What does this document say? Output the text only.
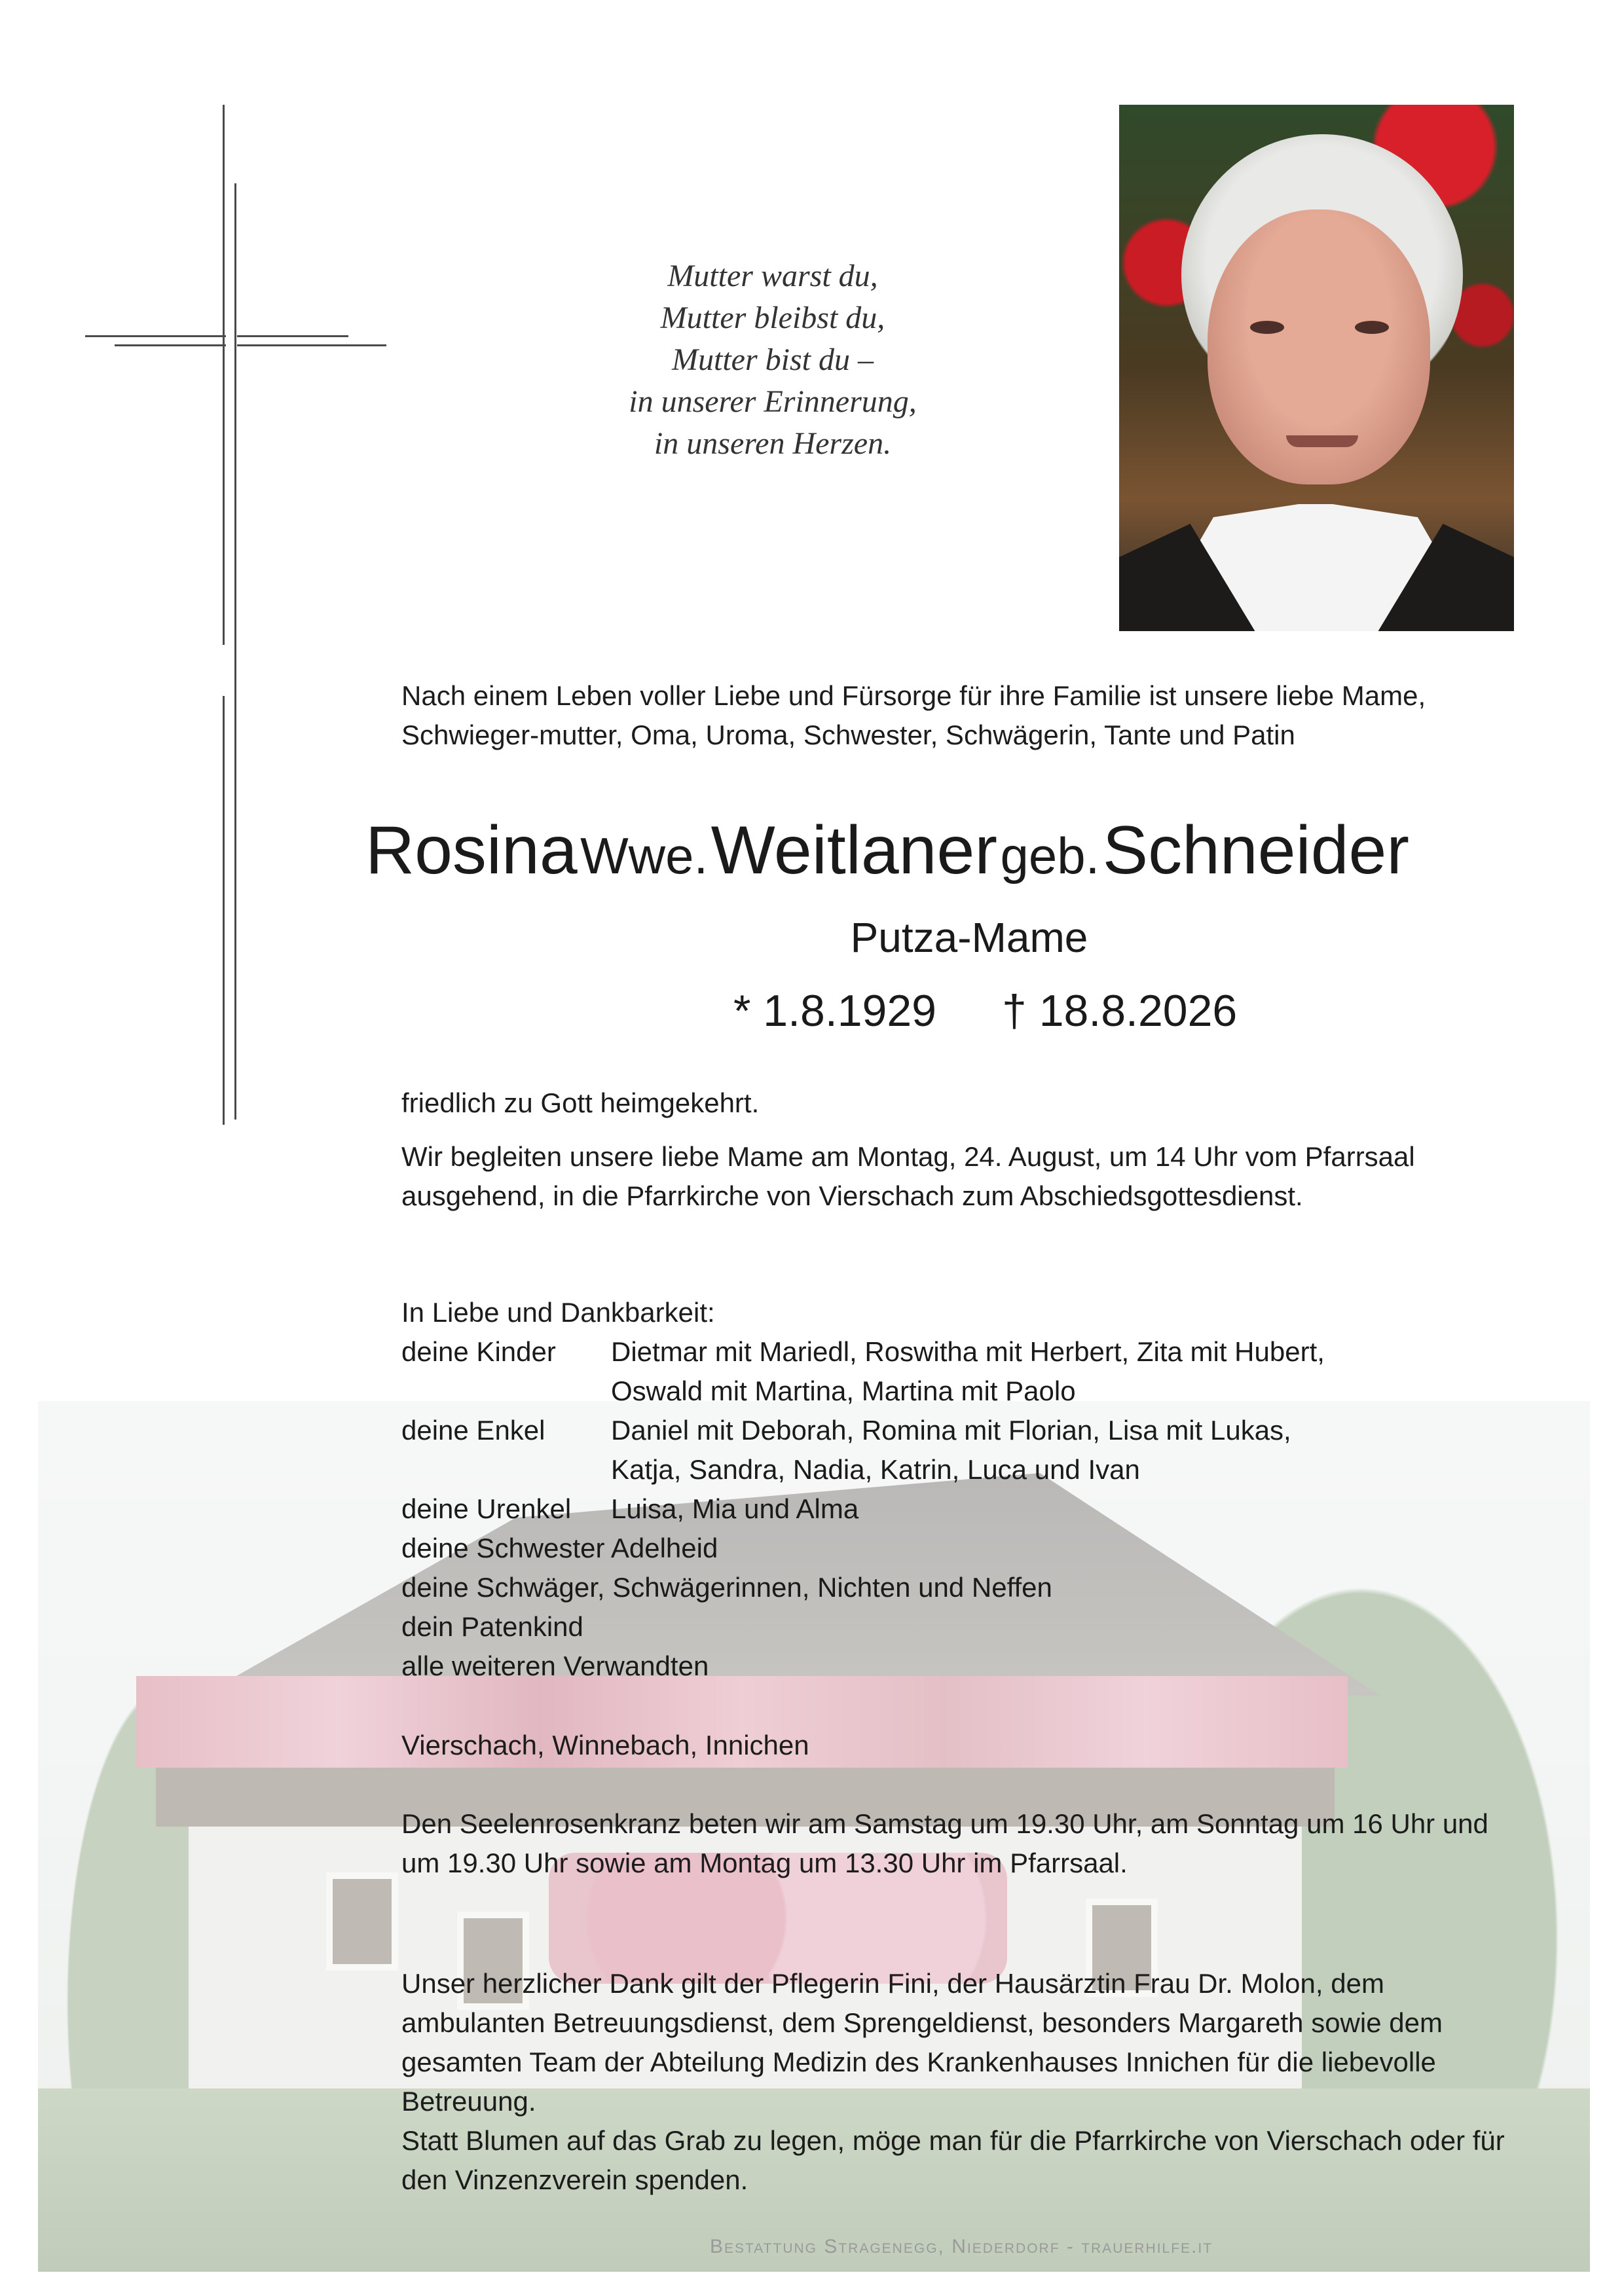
Mutter warst du,
Mutter bleibst du,
Mutter bist du –
in unserer Erinnerung,
in unseren Herzen.
Nach einem Leben voller Liebe und Fürsorge für ihre Familie ist unsere liebe Mame, Schwieger-mutter, Oma, Uroma, Schwester, Schwägerin, Tante und Patin
Rosina Wwe. Weitlaner geb. Schneider
Putza-Mame
* 1.8.1929 † 18.8.2026
friedlich zu Gott heimgekehrt.
Wir begleiten unsere liebe Mame am Montag, 24. August, um 14 Uhr vom Pfarrsaal ausgehend, in die Pfarrkirche von Vierschach zum Abschiedsgottesdienst.
In Liebe und Dankbarkeit:
deine Kinder Dietmar mit Mariedl, Roswitha mit Herbert, Zita mit Hubert,
Oswald mit Martina, Martina mit Paolo
deine Enkel Daniel mit Deborah, Romina mit Florian, Lisa mit Lukas,
Katja, Sandra, Nadia, Katrin, Luca und Ivan
deine Urenkel Luisa, Mia und Alma
deine Schwester Adelheid
deine Schwäger, Schwägerinnen, Nichten und Neffen
dein Patenkind
alle weiteren Verwandten
Vierschach, Winnebach, Innichen
Den Seelenrosenkranz beten wir am Samstag um 19.30 Uhr, am Sonntag um 16 Uhr und um 19.30 Uhr sowie am Montag um 13.30 Uhr im Pfarrsaal.
Unser herzlicher Dank gilt der Pflegerin Fini, der Hausärztin Frau Dr. Molon, dem ambulanten Betreuungsdienst, dem Sprengeldienst, besonders Margareth sowie dem gesamten Team der Abteilung Medizin des Krankenhauses Innichen für die liebevolle Betreuung.
Statt Blumen auf das Grab zu legen, möge man für die Pfarrkirche von Vierschach oder für den Vinzenzverein spenden.
Bestattung Stragenegg, Niederdorf - trauerhilfe.it
